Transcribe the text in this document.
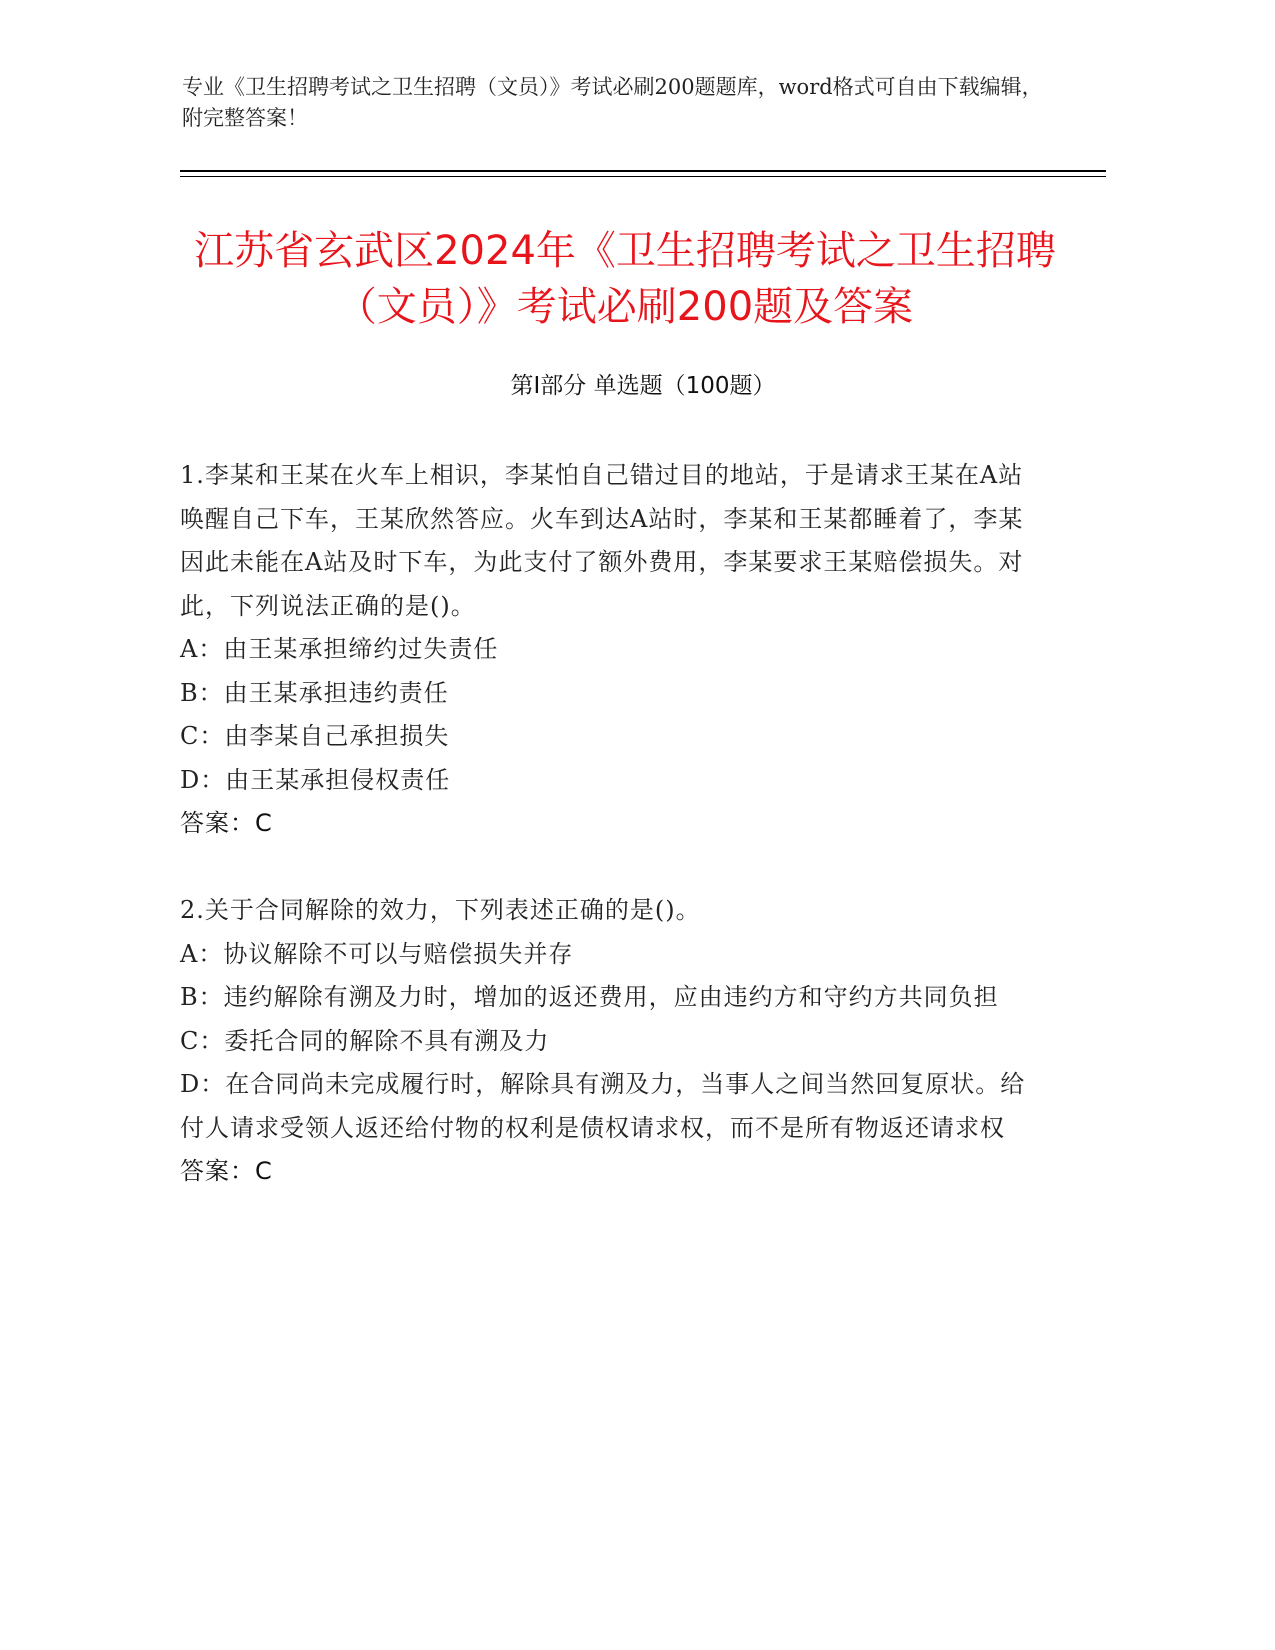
专业《卫生招聘考试之卫生招聘（文员）》考试必刷200题题库，word格式可自由下载编辑，附完整答案！
江苏省玄武区2024年《卫生招聘考试之卫生招聘（文员）》考试必刷200题及答案
第Ⅰ部分 单选题（100题）

1.李某和王某在火车上相识，李某怕自己错过目的地站，于是请求王某在A站唤醒自己下车，王某欣然答应。火车到达A站时，李某和王某都睡着了，李某因此未能在A站及时下车，为此支付了额外费用，李某要求王某赔偿损失。对此，下列说法正确的是()。

A：由王某承担缔约过失责任

B：由王某承担违约责任

C：由李某自己承担损失

D：由王某承担侵权责任

答案：C

2.关于合同解除的效力，下列表述正确的是()。

A：协议解除不可以与赔偿损失并存

B：违约解除有溯及力时，增加的返还费用，应由违约方和守约方共同负担

C：委托合同的解除不具有溯及力

D：在合同尚未完成履行时，解除具有溯及力，当事人之间当然回复原状。给付人请求受领人返还给付物的权利是债权请求权，而不是所有物返还请求权

答案：C
